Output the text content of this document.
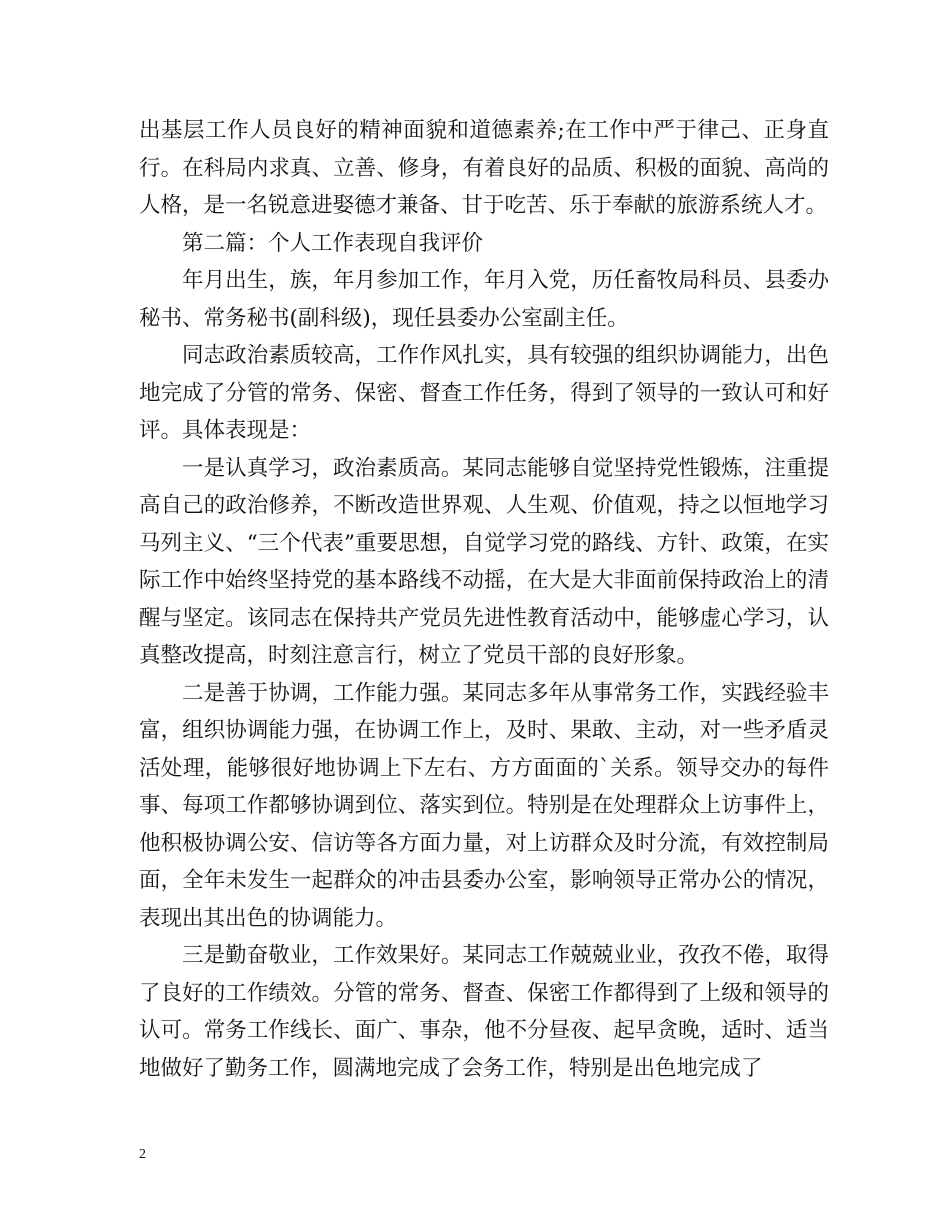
出基层工作人员良好的精神面貌和道德素养;在工作中严于律己、正身直行。在科局内求真、立善、修身，有着良好的品质、积极的面貌、高尚的人格，是一名锐意进娶德才兼备、甘于吃苦、乐于奉献的旅游系统人才。

第二篇：个人工作表现自我评价

年月出生，族，年月参加工作，年月入党，历任畜牧局科员、县委办秘书、常务秘书(副科级)，现任县委办公室副主任。

同志政治素质较高，工作作风扎实，具有较强的组织协调能力，出色地完成了分管的常务、保密、督查工作任务，得到了领导的一致认可和好评。具体表现是：

一是认真学习，政治素质高。某同志能够自觉坚持党性锻炼，注重提高自己的政治修养，不断改造世界观、人生观、价值观，持之以恒地学习马列主义、“三个代表”重要思想，自觉学习党的路线、方针、政策，在实际工作中始终坚持党的基本路线不动摇，在大是大非面前保持政治上的清醒与坚定。该同志在保持共产党员先进性教育活动中，能够虚心学习，认真整改提高，时刻注意言行，树立了党员干部的良好形象。

二是善于协调，工作能力强。某同志多年从事常务工作，实践经验丰富，组织协调能力强，在协调工作上，及时、果敢、主动，对一些矛盾灵活处理，能够很好地协调上下左右、方方面面的`关系。领导交办的每件事、每项工作都够协调到位、落实到位。特别是在处理群众上访事件上，他积极协调公安、信访等各方面力量，对上访群众及时分流，有效控制局面，全年未发生一起群众的冲击县委办公室，影响领导正常办公的情况，表现出其出色的协调能力。

三是勤奋敬业，工作效果好。某同志工作兢兢业业，孜孜不倦，取得了良好的工作绩效。分管的常务、督查、保密工作都得到了上级和领导的认可。常务工作线长、面广、事杂，他不分昼夜、起早贪晚，适时、适当地做好了勤务工作，圆满地完成了会务工作，特别是出色地完成了

2
